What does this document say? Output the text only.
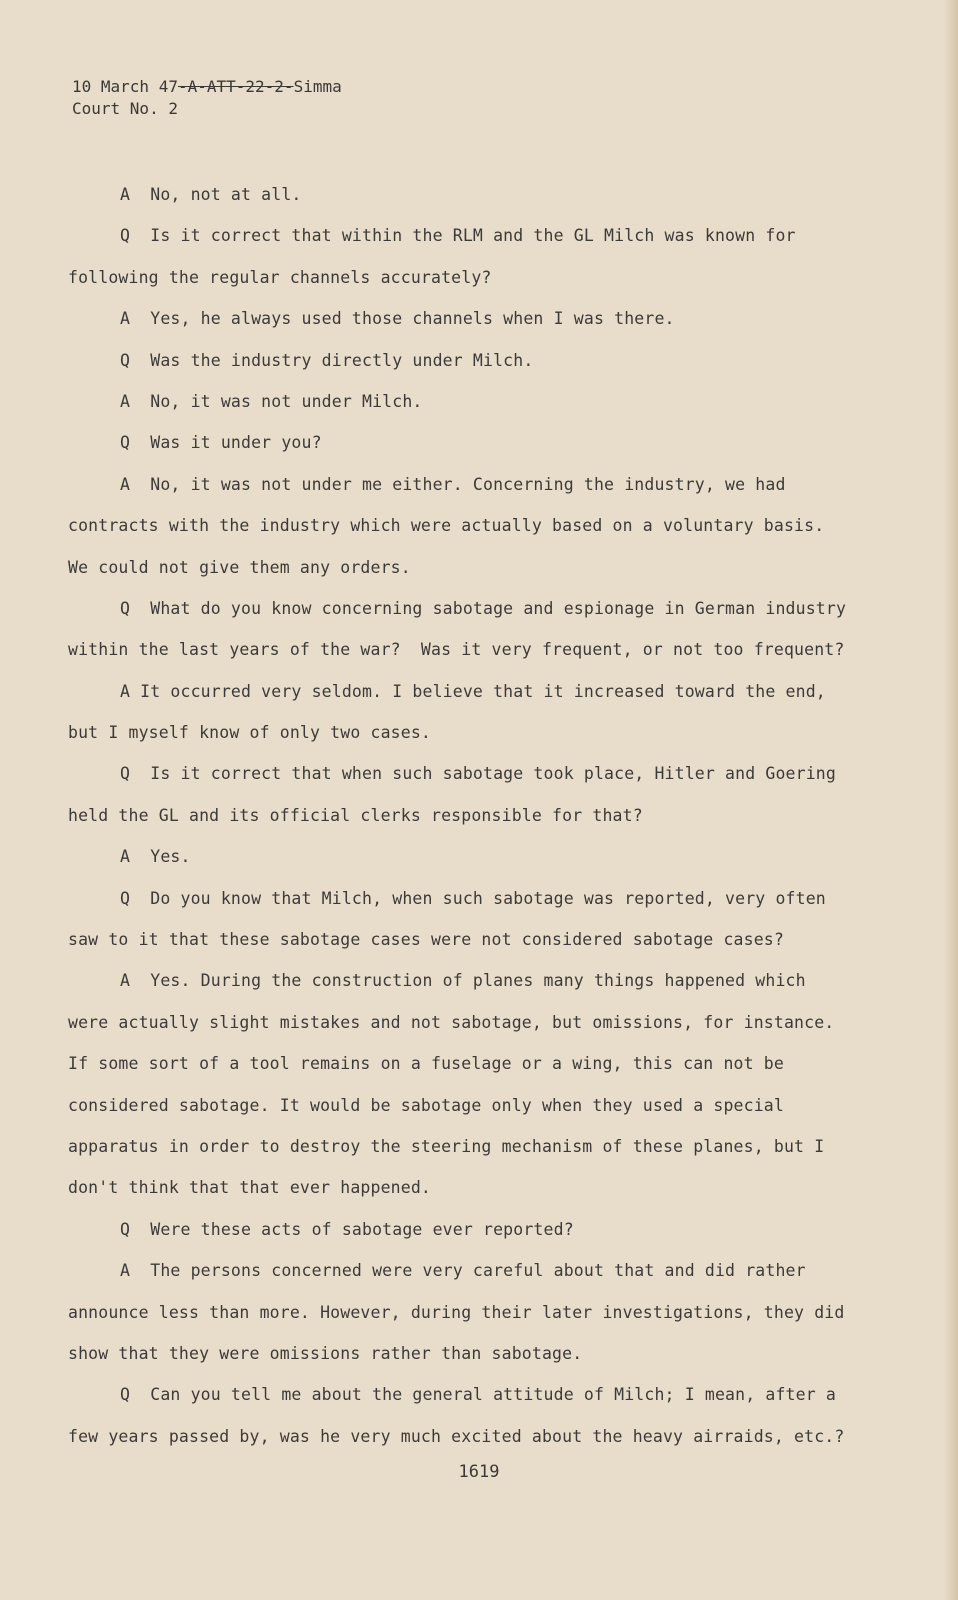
10 March 47-A-ATT-22-2-Simma
Court No. 2
A  No, not at all.
Q  Is it correct that within the RLM and the GL Milch was known for
following the regular channels accurately?
A  Yes, he always used those channels when I was there.
Q  Was the industry directly under Milch.
A  No, it was not under Milch.
Q  Was it under you?
A  No, it was not under me either. Concerning the industry, we had
contracts with the industry which were actually based on a voluntary basis.
We could not give them any orders.
Q  What do you know concerning sabotage and espionage in German industry
within the last years of the war?  Was it very frequent, or not too frequent?
A It occurred very seldom. I believe that it increased toward the end,
but I myself know of only two cases.
Q  Is it correct that when such sabotage took place, Hitler and Goering
held the GL and its official clerks responsible for that?
A  Yes.
Q  Do you know that Milch, when such sabotage was reported, very often
saw to it that these sabotage cases were not considered sabotage cases?
A  Yes. During the construction of planes many things happened which
were actually slight mistakes and not sabotage, but omissions, for instance.
If some sort of a tool remains on a fuselage or a wing, this can not be
considered sabotage. It would be sabotage only when they used a special
apparatus in order to destroy the steering mechanism of these planes, but I
don't think that that ever happened.
Q  Were these acts of sabotage ever reported?
A  The persons concerned were very careful about that and did rather
announce less than more. However, during their later investigations, they did
show that they were omissions rather than sabotage.
Q  Can you tell me about the general attitude of Milch; I mean, after a
few years passed by, was he very much excited about the heavy airraids, etc.?
1619
